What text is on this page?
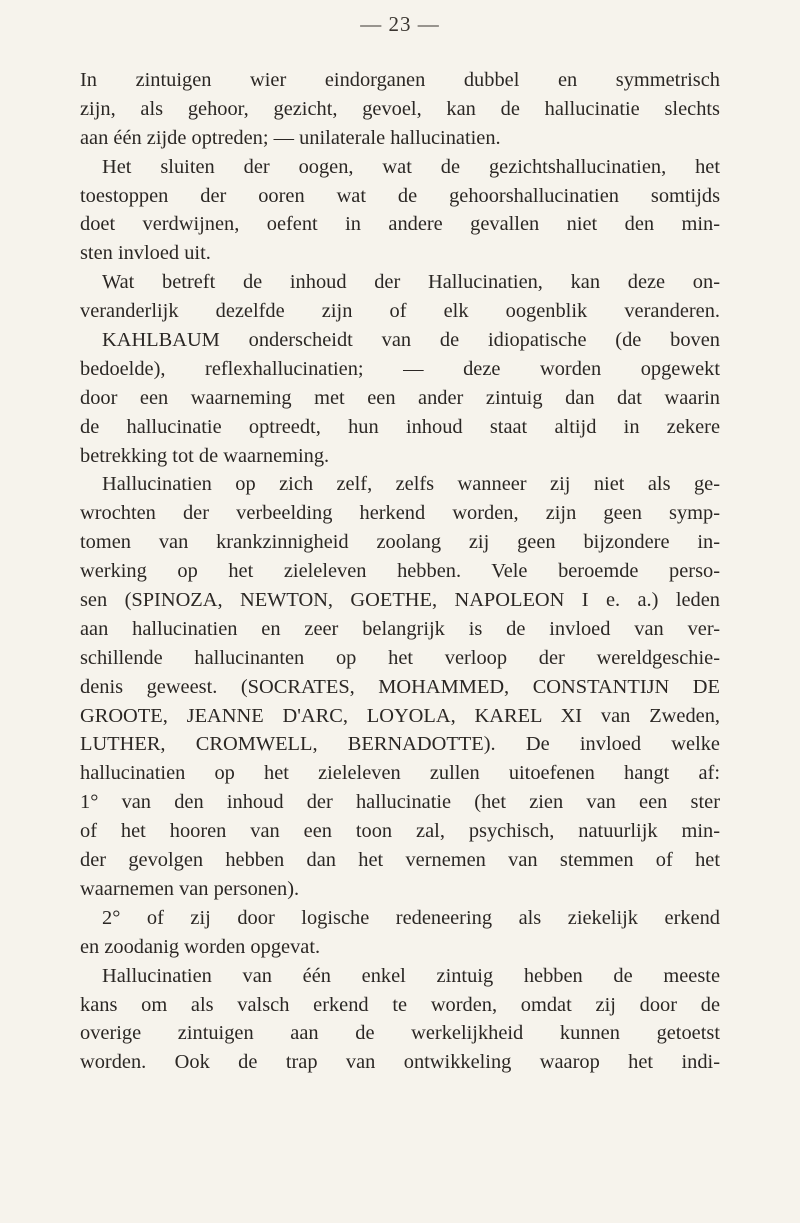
— 23 —
In zintuigen wier eindorganen dubbel en symmetrisch
zijn, als gehoor, gezicht, gevoel, kan de hallucinatie slechts
aan één zijde optreden; — unilaterale hallucinatien.
Het sluiten der oogen, wat de gezichtshallucinatien, het
toestoppen der ooren wat de gehoorshallucinatien somtijds
doet verdwijnen, oefent in andere gevallen niet den min-
sten invloed uit.
Wat betreft de inhoud der Hallucinatien, kan deze on-
veranderlijk dezelfde zijn of elk oogenblik veranderen.
KAHLBAUM onderscheidt van de idiopatische (de boven
bedoelde), reflexhallucinatien; — deze worden opgewekt
door een waarneming met een ander zintuig dan dat waarin
de hallucinatie optreedt, hun inhoud staat altijd in zekere
betrekking tot de waarneming.
Hallucinatien op zich zelf, zelfs wanneer zij niet als ge-
wrochten der verbeelding herkend worden, zijn geen symp-
tomen van krankzinnigheid zoolang zij geen bijzondere in-
werking op het zieleleven hebben. Vele beroemde perso-
sen (SPINOZA, NEWTON, GOETHE, NAPOLEON I e. a.) leden
aan hallucinatien en zeer belangrijk is de invloed van ver-
schillende hallucinanten op het verloop der wereldgeschie-
denis geweest. (SOCRATES, MOHAMMED, CONSTANTIJN DE
GROOTE, JEANNE D'ARC, LOYOLA, KAREL XI van Zweden,
LUTHER, CROMWELL, BERNADOTTE). De invloed welke
hallucinatien op het zieleleven zullen uitoefenen hangt af:
1° van den inhoud der hallucinatie (het zien van een ster
of het hooren van een toon zal, psychisch, natuurlijk min-
der gevolgen hebben dan het vernemen van stemmen of het
waarnemen van personen).
2° of zij door logische redeneering als ziekelijk erkend
en zoodanig worden opgevat.
Hallucinatien van één enkel zintuig hebben de meeste
kans om als valsch erkend te worden, omdat zij door de
overige zintuigen aan de werkelijkheid kunnen getoetst
worden. Ook de trap van ontwikkeling waarop het indi-
